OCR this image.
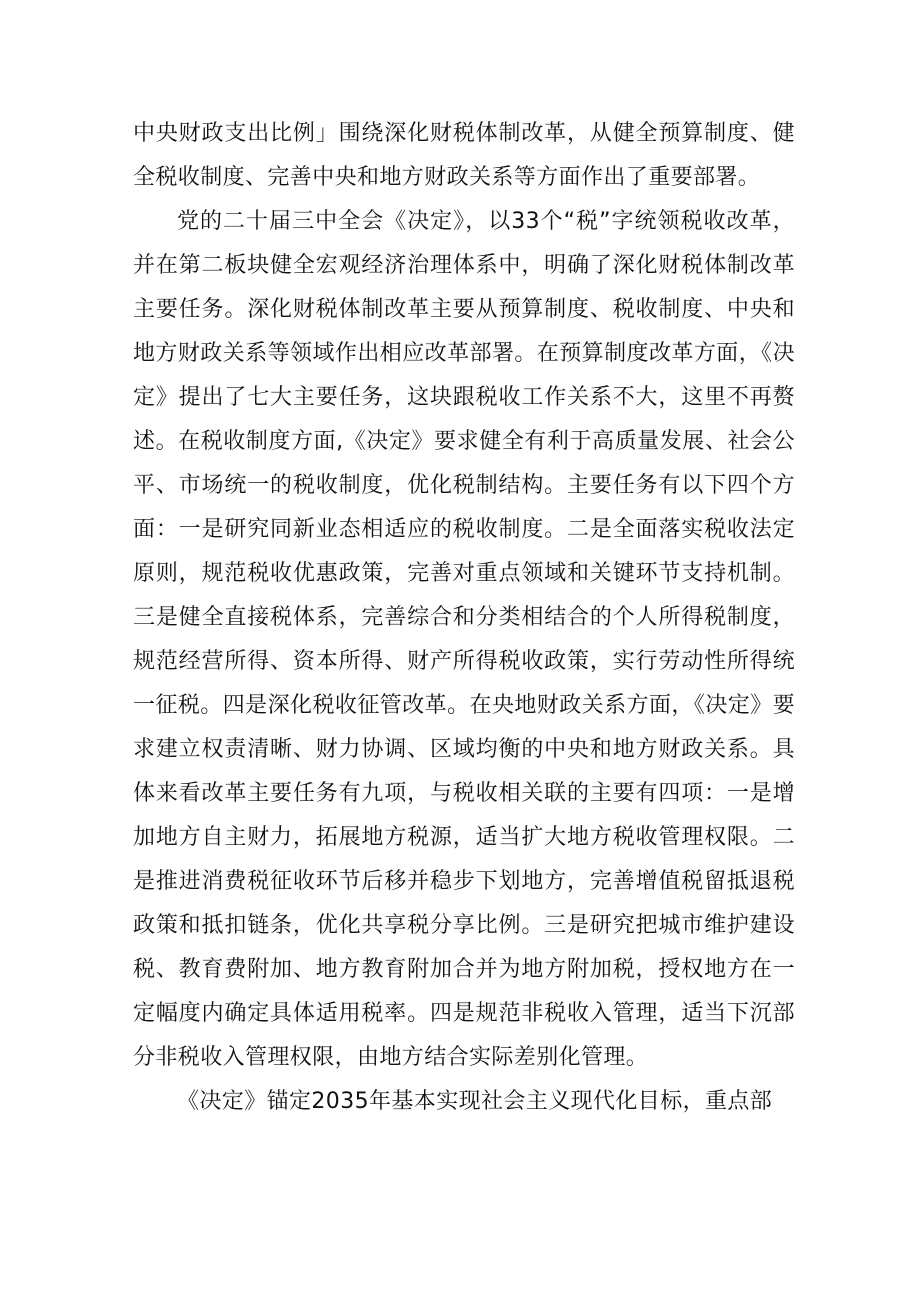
中央财政支出比例」围绕深化财税体制改革，从健全预算制度、健全税收制度、完善中央和地方财政关系等方面作出了重要部署。

党的二十届三中全会《决定》，以33个“税”字统领税收改革，并在第二板块健全宏观经济治理体系中，明确了深化财税体制改革主要任务。深化财税体制改革主要从预算制度、税收制度、中央和地方财政关系等领域作出相应改革部署。在预算制度改革方面，《决定》提出了七大主要任务，这块跟税收工作关系不大，这里不再赘述。在税收制度方面,《决定》要求健全有利于高质量发展、社会公平、市场统一的税收制度，优化税制结构。主要任务有以下四个方面：一是研究同新业态相适应的税收制度。二是全面落实税收法定原则，规范税收优惠政策，完善对重点领域和关键环节支持机制。三是健全直接税体系，完善综合和分类相结合的个人所得税制度，规范经营所得、资本所得、财产所得税收政策，实行劳动性所得统一征税。四是深化税收征管改革。在央地财政关系方面，《决定》要求建立权责清晰、财力协调、区域均衡的中央和地方财政关系。具体来看改革主要任务有九项，与税收相关联的主要有四项：一是增加地方自主财力，拓展地方税源，适当扩大地方税收管理权限。二是推进消费税征收环节后移并稳步下划地方，完善增值税留抵退税政策和抵扣链条，优化共享税分享比例。三是研究把城市维护建设税、教育费附加、地方教育附加合并为地方附加税，授权地方在一定幅度内确定具体适用税率。四是规范非税收入管理，适当下沉部分非税收入管理权限，由地方结合实际差别化管理。

《决定》锚定2035年基本实现社会主义现代化目标，重点部
